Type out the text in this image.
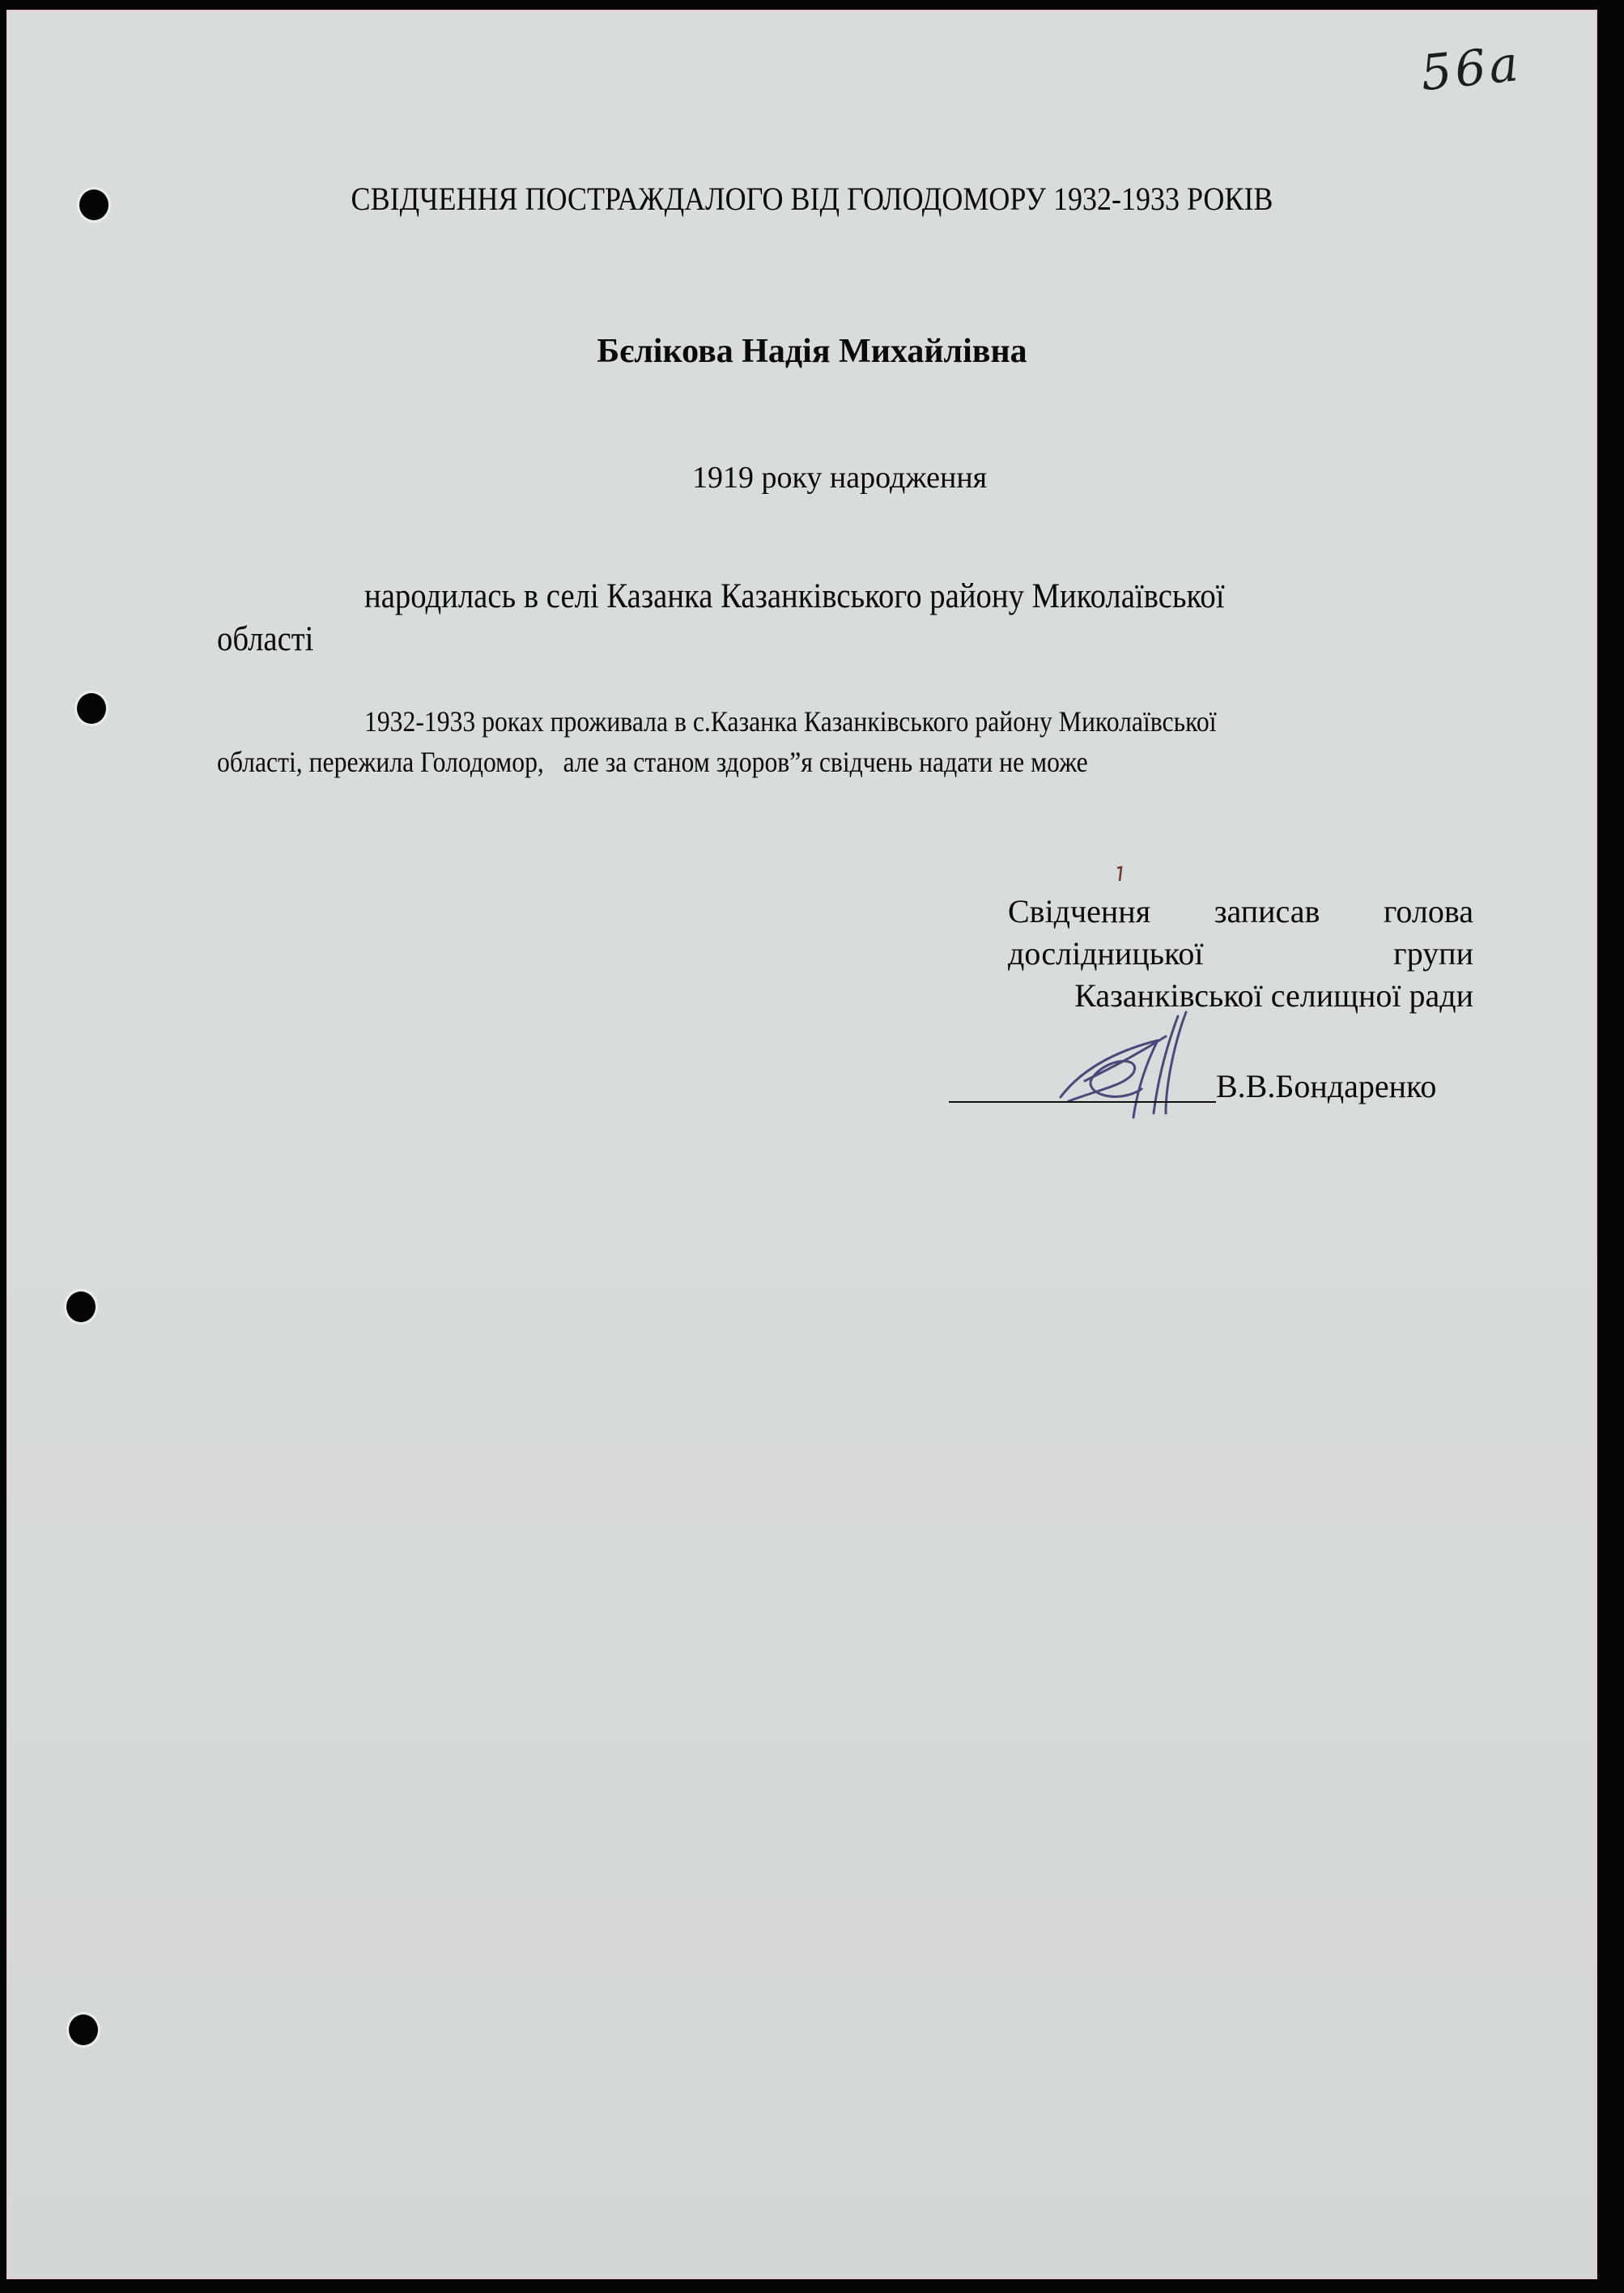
56a
СВІДЧЕННЯ ПОСТРАЖДАЛОГО ВІД ГОЛОДОМОРУ 1932-1933 РОКІВ
Бєлікова Надія Михайлівна
1919 року народження
народилась в селі Казанка Казанківського району Миколаївської
області
1932-1933 роках проживала в с.Казанка Казанківського району Миколаївської
області, пережила Голодомор,   але за станом здоров”я свідчень надати не може
Свідчення записав голова
дослідницької	групи
Казанківської селищної ради
В.В.Бондаренко
